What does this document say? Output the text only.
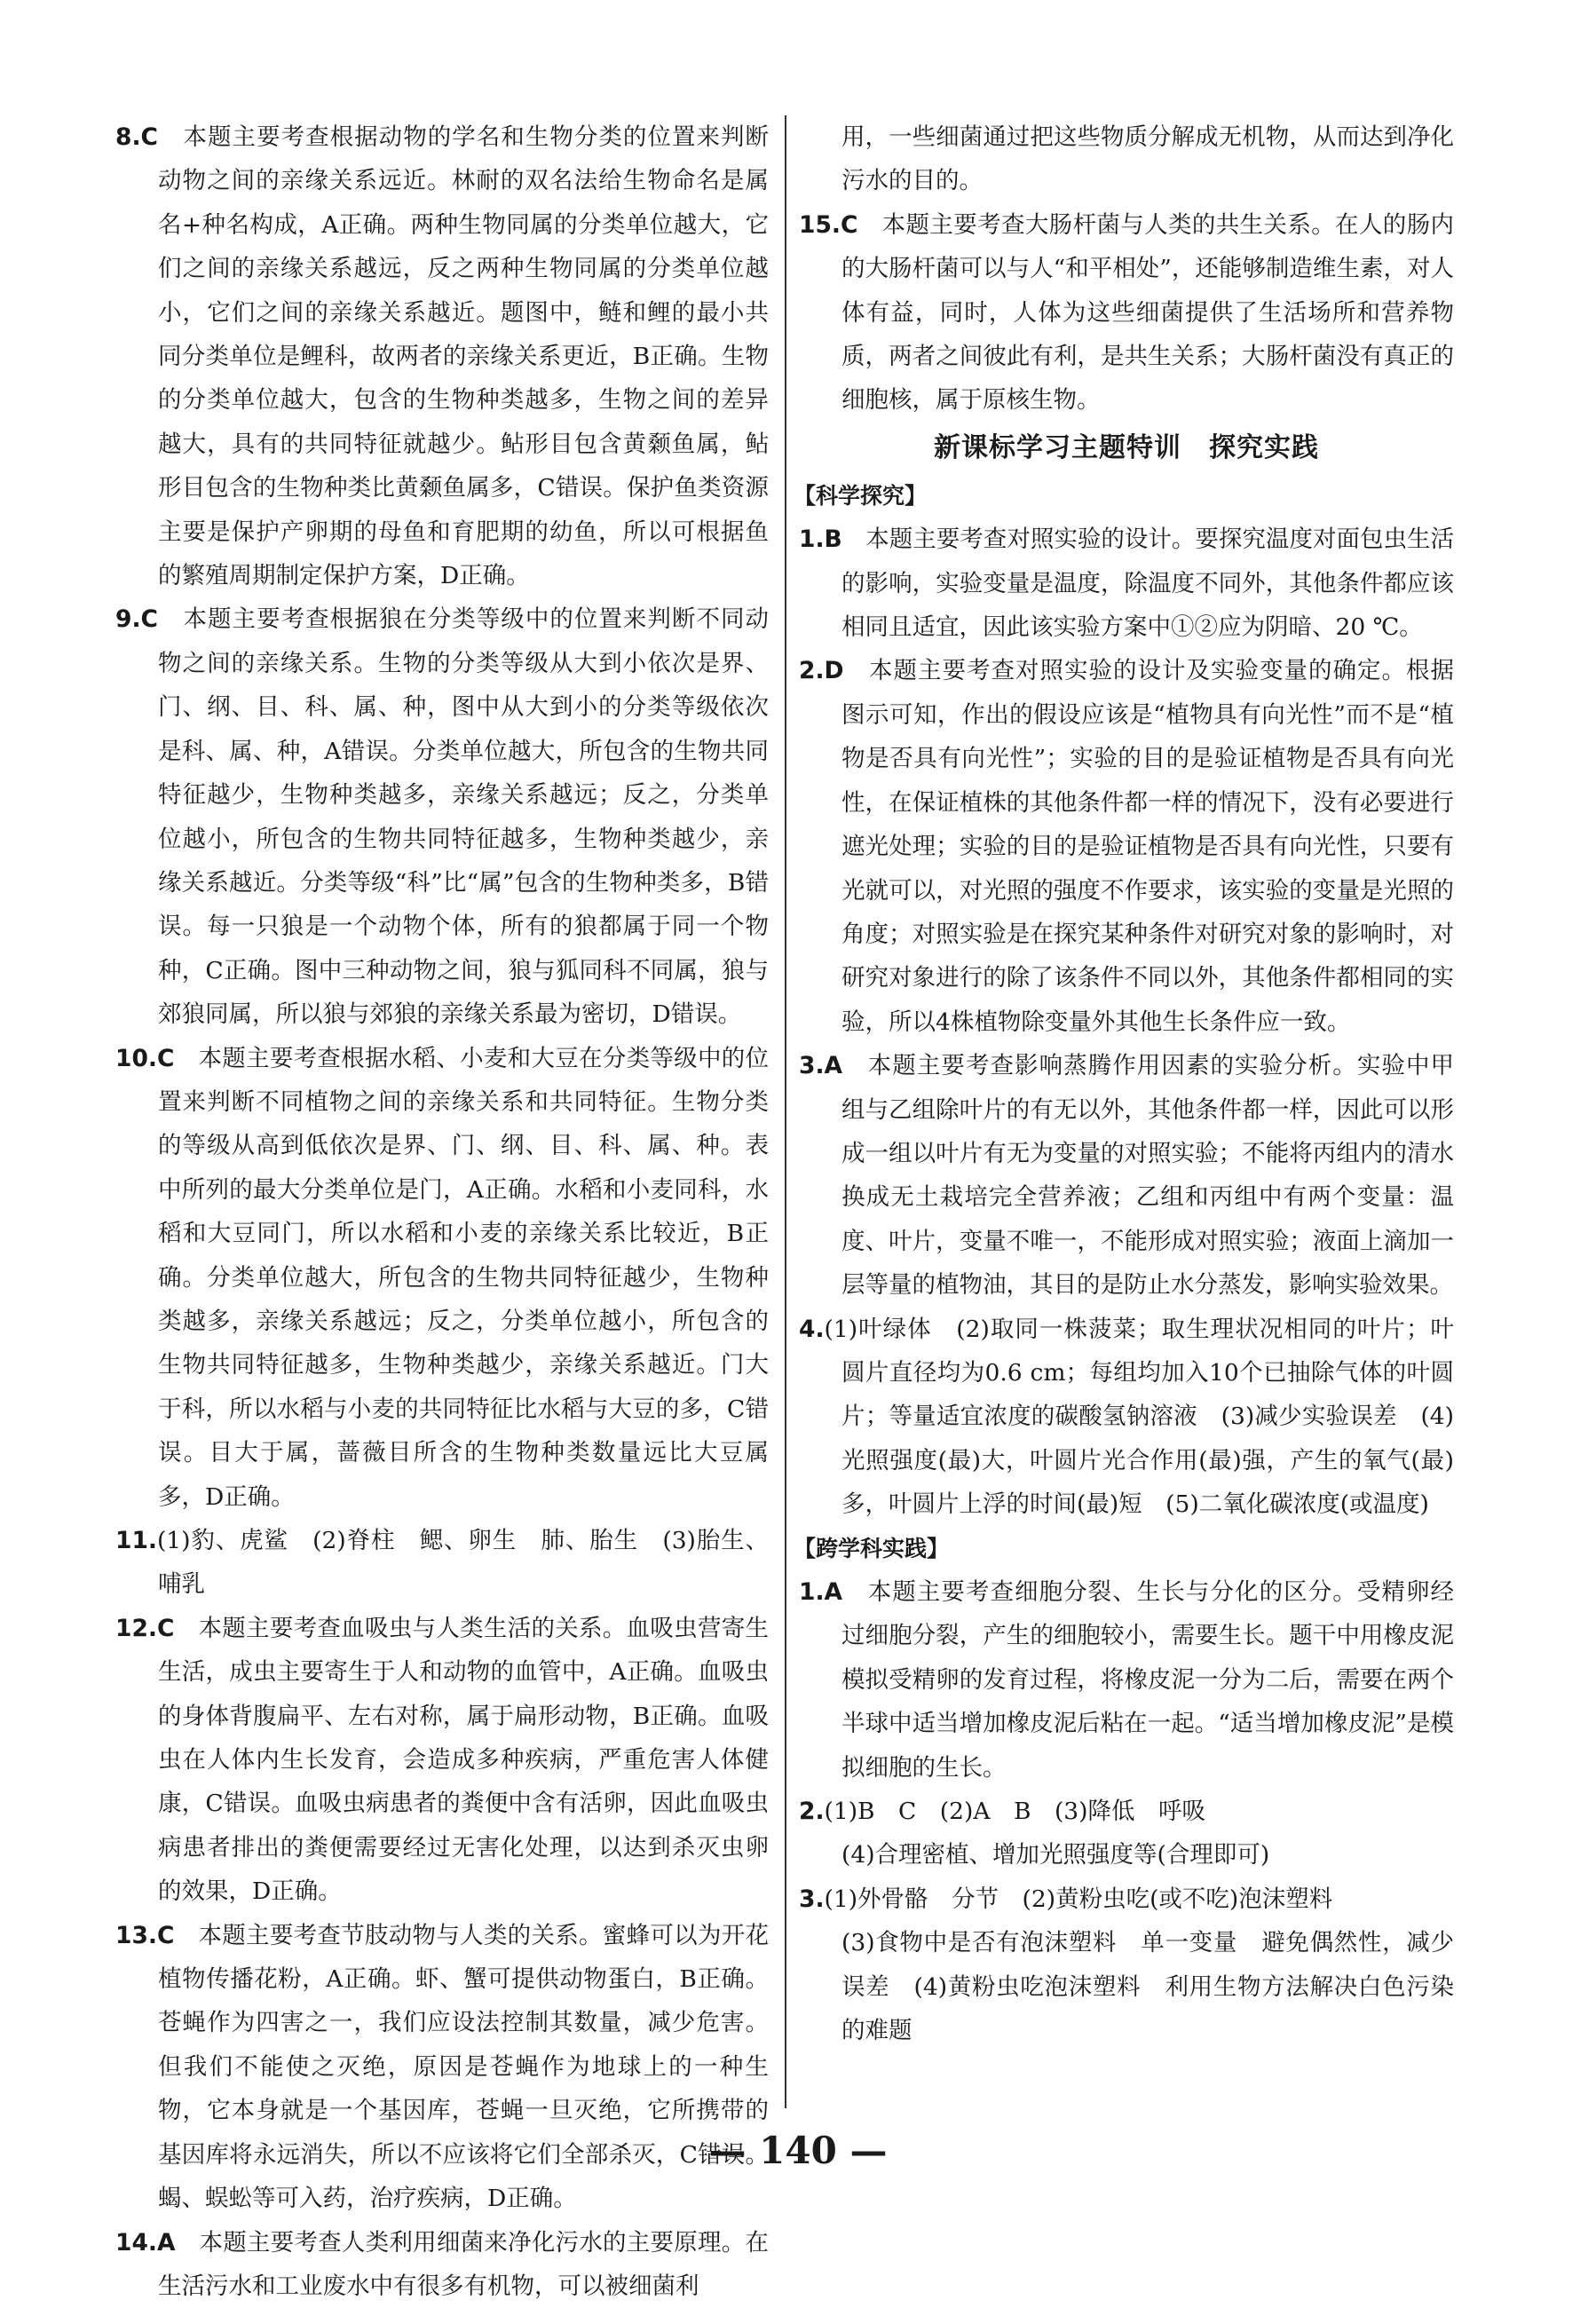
8.C　 本题主要考查根据动物的学名和生物分类的位置来判断动物之间的亲缘关系远近。林耐的双名法给生物命名是属名+种名构成，A正确。两种生物同属的分类单位越大，它们之间的亲缘关系越远，反之两种生物同属的分类单位越小，它们之间的亲缘关系越近。题图中，鲢和鲤的最小共同分类单位是鲤科，故两者的亲缘关系更近，B正确。生物的分类单位越大，包含的生物种类越多，生物之间的差异越大，具有的共同特征就越少。鲇形目包含黄颡鱼属，鲇形目包含的生物种类比黄颡鱼属多，C错误。保护鱼类资源主要是保护产卵期的母鱼和育肥期的幼鱼，所以可根据鱼的繁殖周期制定保护方案，D正确。

9.C　 本题主要考查根据狼在分类等级中的位置来判断不同动物之间的亲缘关系。生物的分类等级从大到小依次是界、门、纲、目、科、属、种，图中从大到小的分类等级依次是科、属、种，A错误。分类单位越大，所包含的生物共同特征越少，生物种类越多，亲缘关系越远；反之，分类单位越小，所包含的生物共同特征越多，生物种类越少，亲缘关系越近。分类等级“科”比“属”包含的生物种类多，B错误。每一只狼是一个动物个体，所有的狼都属于同一个物种，C正确。图中三种动物之间，狼与狐同科不同属，狼与郊狼同属，所以狼与郊狼的亲缘关系最为密切，D错误。

10.C　 本题主要考查根据水稻、小麦和大豆在分类等级中的位置来判断不同植物之间的亲缘关系和共同特征。生物分类的等级从高到低依次是界、门、纲、目、科、属、种。表中所列的最大分类单位是门，A正确。水稻和小麦同科，水稻和大豆同门，所以水稻和小麦的亲缘关系比较近，B正确。分类单位越大，所包含的生物共同特征越少，生物种类越多，亲缘关系越远；反之，分类单位越小，所包含的生物共同特征越多，生物种类越少，亲缘关系越近。门大于科，所以水稻与小麦的共同特征比水稻与大豆的多，C错误。目大于属，蔷薇目所含的生物种类数量远比大豆属多，D正确。

11.(1)豹、虎鲨　(2)脊柱　鳃、卵生　肺、胎生　(3)胎生、哺乳

12.C　 本题主要考查血吸虫与人类生活的关系。血吸虫营寄生生活，成虫主要寄生于人和动物的血管中，A正确。血吸虫的身体背腹扁平、左右对称，属于扁形动物，B正确。血吸虫在人体内生长发育，会造成多种疾病，严重危害人体健康，C错误。血吸虫病患者的粪便中含有活卵，因此血吸虫病患者排出的粪便需要经过无害化处理，以达到杀灭虫卵的效果，D正确。

13.C　 本题主要考查节肢动物与人类的关系。蜜蜂可以为开花植物传播花粉，A正确。虾、蟹可提供动物蛋白，B正确。苍蝇作为四害之一，我们应设法控制其数量，减少危害。但我们不能使之灭绝，原因是苍蝇作为地球上的一种生物，它本身就是一个基因库，苍蝇一旦灭绝，它所携带的基因库将永远消失，所以不应该将它们全部杀灭，C错误。蝎、蜈蚣等可入药，治疗疾病，D正确。

14.A　 本题主要考查人类利用细菌来净化污水的主要原理。在生活污水和工业废水中有很多有机物，可以被细菌利

用，一些细菌通过把这些物质分解成无机物，从而达到净化污水的目的。

15.C　 本题主要考查大肠杆菌与人类的共生关系。在人的肠内的大肠杆菌可以与人“和平相处”，还能够制造维生素，对人体有益，同时，人体为这些细菌提供了生活场所和营养物质，两者之间彼此有利，是共生关系；大肠杆菌没有真正的细胞核，属于原核生物。

新课标学习主题特训　探究实践

【科学探究】

1.B　 本题主要考查对照实验的设计。要探究温度对面包虫生活的影响，实验变量是温度，除温度不同外，其他条件都应该相同且适宜，因此该实验方案中①②应为阴暗、20 ℃。

2.D　 本题主要考查对照实验的设计及实验变量的确定。根据图示可知，作出的假设应该是“植物具有向光性”而不是“植物是否具有向光性”；实验的目的是验证植物是否具有向光性，在保证植株的其他条件都一样的情况下，没有必要进行遮光处理；实验的目的是验证植物是否具有向光性，只要有光就可以，对光照的强度不作要求，该实验的变量是光照的角度；对照实验是在探究某种条件对研究对象的影响时，对研究对象进行的除了该条件不同以外，其他条件都相同的实验，所以4株植物除变量外其他生长条件应一致。

3.A　 本题主要考查影响蒸腾作用因素的实验分析。实验中甲组与乙组除叶片的有无以外，其他条件都一样，因此可以形成一组以叶片有无为变量的对照实验；不能将丙组内的清水换成无土栽培完全营养液；乙组和丙组中有两个变量：温度、叶片，变量不唯一，不能形成对照实验；液面上滴加一层等量的植物油，其目的是防止水分蒸发，影响实验效果。

4.(1)叶绿体　(2)取同一株菠菜；取生理状况相同的叶片；叶圆片直径均为0.6 cm；每组均加入10个已抽除气体的叶圆片；等量适宜浓度的碳酸氢钠溶液　(3)减少实验误差　(4)光照强度(最)大，叶圆片光合作用(最)强，产生的氧气(最)多，叶圆片上浮的时间(最)短　(5)二氧化碳浓度(或温度)

【跨学科实践】

1.A　 本题主要考查细胞分裂、生长与分化的区分。受精卵经过细胞分裂，产生的细胞较小，需要生长。题干中用橡皮泥模拟受精卵的发育过程，将橡皮泥一分为二后，需要在两个半球中适当增加橡皮泥后粘在一起。“适当增加橡皮泥”是模拟细胞的生长。

2.(1)B　C　(2)A　B　(3)降低　呼吸

(4)合理密植、增加光照强度等(合理即可)

3.(1)外骨骼　分节　(2)黄粉虫吃(或不吃)泡沫塑料

(3)食物中是否有泡沫塑料　单一变量　避免偶然性，减少误差　(4)黄粉虫吃泡沫塑料　利用生物方法解决白色污染的难题

— 140 —
